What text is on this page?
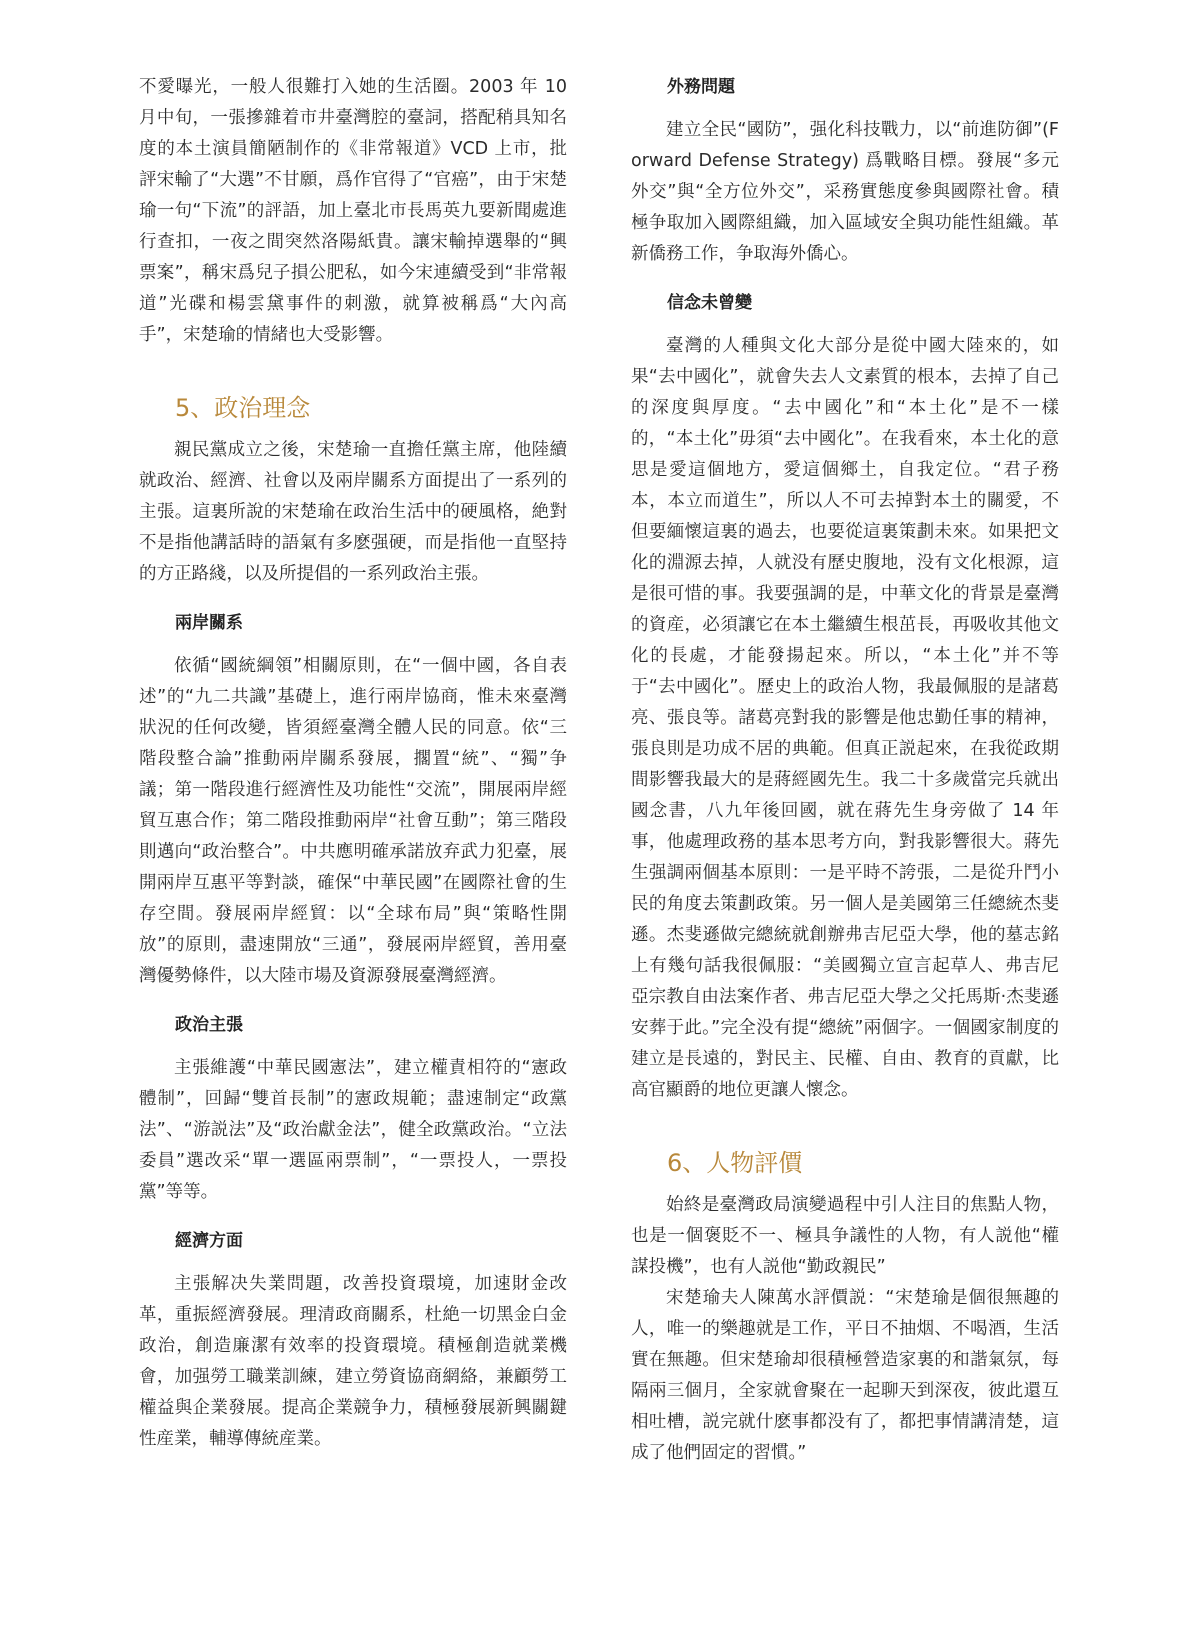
不愛曝光，一般人很難打入她的生活圈。2003 年 10 月中旬，一張摻雜着市井臺灣腔的臺詞，搭配稍具知名度的本土演員簡陋制作的《非常報道》VCD 上市，批評宋輸了“大選”不甘願，爲作官得了“官癌”，由于宋楚瑜一句“下流”的評語，加上臺北市長馬英九要新聞處進行查扣，一夜之間突然洛陽紙貴。讓宋輸掉選舉的“興票案”，稱宋爲兒子損公肥私，如今宋連續受到“非常報道”光碟和楊雲黛事件的刺激，就算被稱爲“大內高手”，宋楚瑜的情緒也大受影響。

5、政治理念

親民黨成立之後，宋楚瑜一直擔任黨主席，他陸續就政治、經濟、社會以及兩岸關系方面提出了一系列的主張。這裏所說的宋楚瑜在政治生活中的硬風格，絶對不是指他講話時的語氣有多麽强硬，而是指他一直堅持的方正路綫，以及所提倡的一系列政治主張。

兩岸關系

依循“國統綱領”相關原則，在“一個中國，各自表述”的“九二共識”基礎上，進行兩岸協商，惟未來臺灣狀況的任何改變，皆須經臺灣全體人民的同意。依“三階段整合論”推動兩岸關系發展，擱置“統”、“獨”争議；第一階段進行經濟性及功能性“交流”，開展兩岸經貿互惠合作；第二階段推動兩岸“社會互動”；第三階段則邁向“政治整合”。中共應明確承諾放弃武力犯臺，展開兩岸互惠平等對談，確保“中華民國”在國際社會的生存空間。發展兩岸經貿：以“全球布局”與“策略性開放”的原則，盡速開放“三通”，發展兩岸經貿，善用臺灣優勢條件，以大陸市場及資源發展臺灣經濟。

政治主張

主張維護“中華民國憲法”，建立權責相符的“憲政體制”，回歸“雙首長制”的憲政規範；盡速制定“政黨法”、“游説法”及“政治獻金法”，健全政黨政治。“立法委員”選改采“單一選區兩票制”，“一票投人，一票投黨”等等。

經濟方面

主張解决失業問題，改善投資環境，加速財金改革，重振經濟發展。理清政商關系，杜絶一切黑金白金政治，創造廉潔有效率的投資環境。積極創造就業機會，加强勞工職業訓練，建立勞資協商網絡，兼顧勞工權益與企業發展。提高企業競争力，積極發展新興關鍵性産業，輔導傳統産業。

外務問題

建立全民“國防”，强化科技戰力，以“前進防御”(Forward Defense Strategy) 爲戰略目標。發展“多元外交”與“全方位外交”，采務實態度參與國際社會。積極争取加入國際組織，加入區域安全與功能性組織。革新僑務工作，争取海外僑心。

信念未曾變

臺灣的人種與文化大部分是從中國大陸來的，如果“去中國化”，就會失去人文素質的根本，去掉了自己的深度與厚度。“去中國化”和“本土化”是不一樣的，“本土化”毋須“去中國化”。在我看來，本土化的意思是愛這個地方，愛這個鄉土，自我定位。“君子務本，本立而道生”，所以人不可去掉對本土的關愛，不但要緬懷這裏的過去，也要從這裏策劃未來。如果把文化的淵源去掉，人就没有歷史腹地，没有文化根源，這是很可惜的事。我要强調的是，中華文化的背景是臺灣的資産，必須讓它在本土繼續生根茁長，再吸收其他文化的長處，才能發揚起來。所以，“本土化”并不等于“去中國化”。歷史上的政治人物，我最佩服的是諸葛亮、張良等。諸葛亮對我的影響是他忠勤任事的精神，張良則是功成不居的典範。但真正説起來，在我從政期間影響我最大的是蔣經國先生。我二十多歲當完兵就出國念書，八九年後回國，就在蔣先生身旁做了 14 年事，他處理政務的基本思考方向，對我影響很大。蔣先生强調兩個基本原則：一是平時不誇張，二是從升鬥小民的角度去策劃政策。另一個人是美國第三任總統杰斐遜。杰斐遜做完總統就創辦弗吉尼亞大學，他的墓志銘上有幾句話我很佩服：“美國獨立宣言起草人、弗吉尼亞宗教自由法案作者、弗吉尼亞大學之父托馬斯·杰斐遜安葬于此。”完全没有提“總統”兩個字。一個國家制度的建立是長遠的，對民主、民權、自由、教育的貢獻，比高官顯爵的地位更讓人懷念。

6、人物評價

始終是臺灣政局演變過程中引人注目的焦點人物，也是一個褒貶不一、極具争議性的人物，有人説他“權謀投機”，也有人説他“勤政親民”

宋楚瑜夫人陳萬水評價説：“宋楚瑜是個很無趣的人，唯一的樂趣就是工作，平日不抽烟、不喝酒，生活實在無趣。但宋楚瑜却很積極營造家裏的和諧氣氛，每隔兩三個月，全家就會聚在一起聊天到深夜，彼此還互相吐槽，説完就什麽事都没有了，都把事情講清楚，這成了他們固定的習慣。”
